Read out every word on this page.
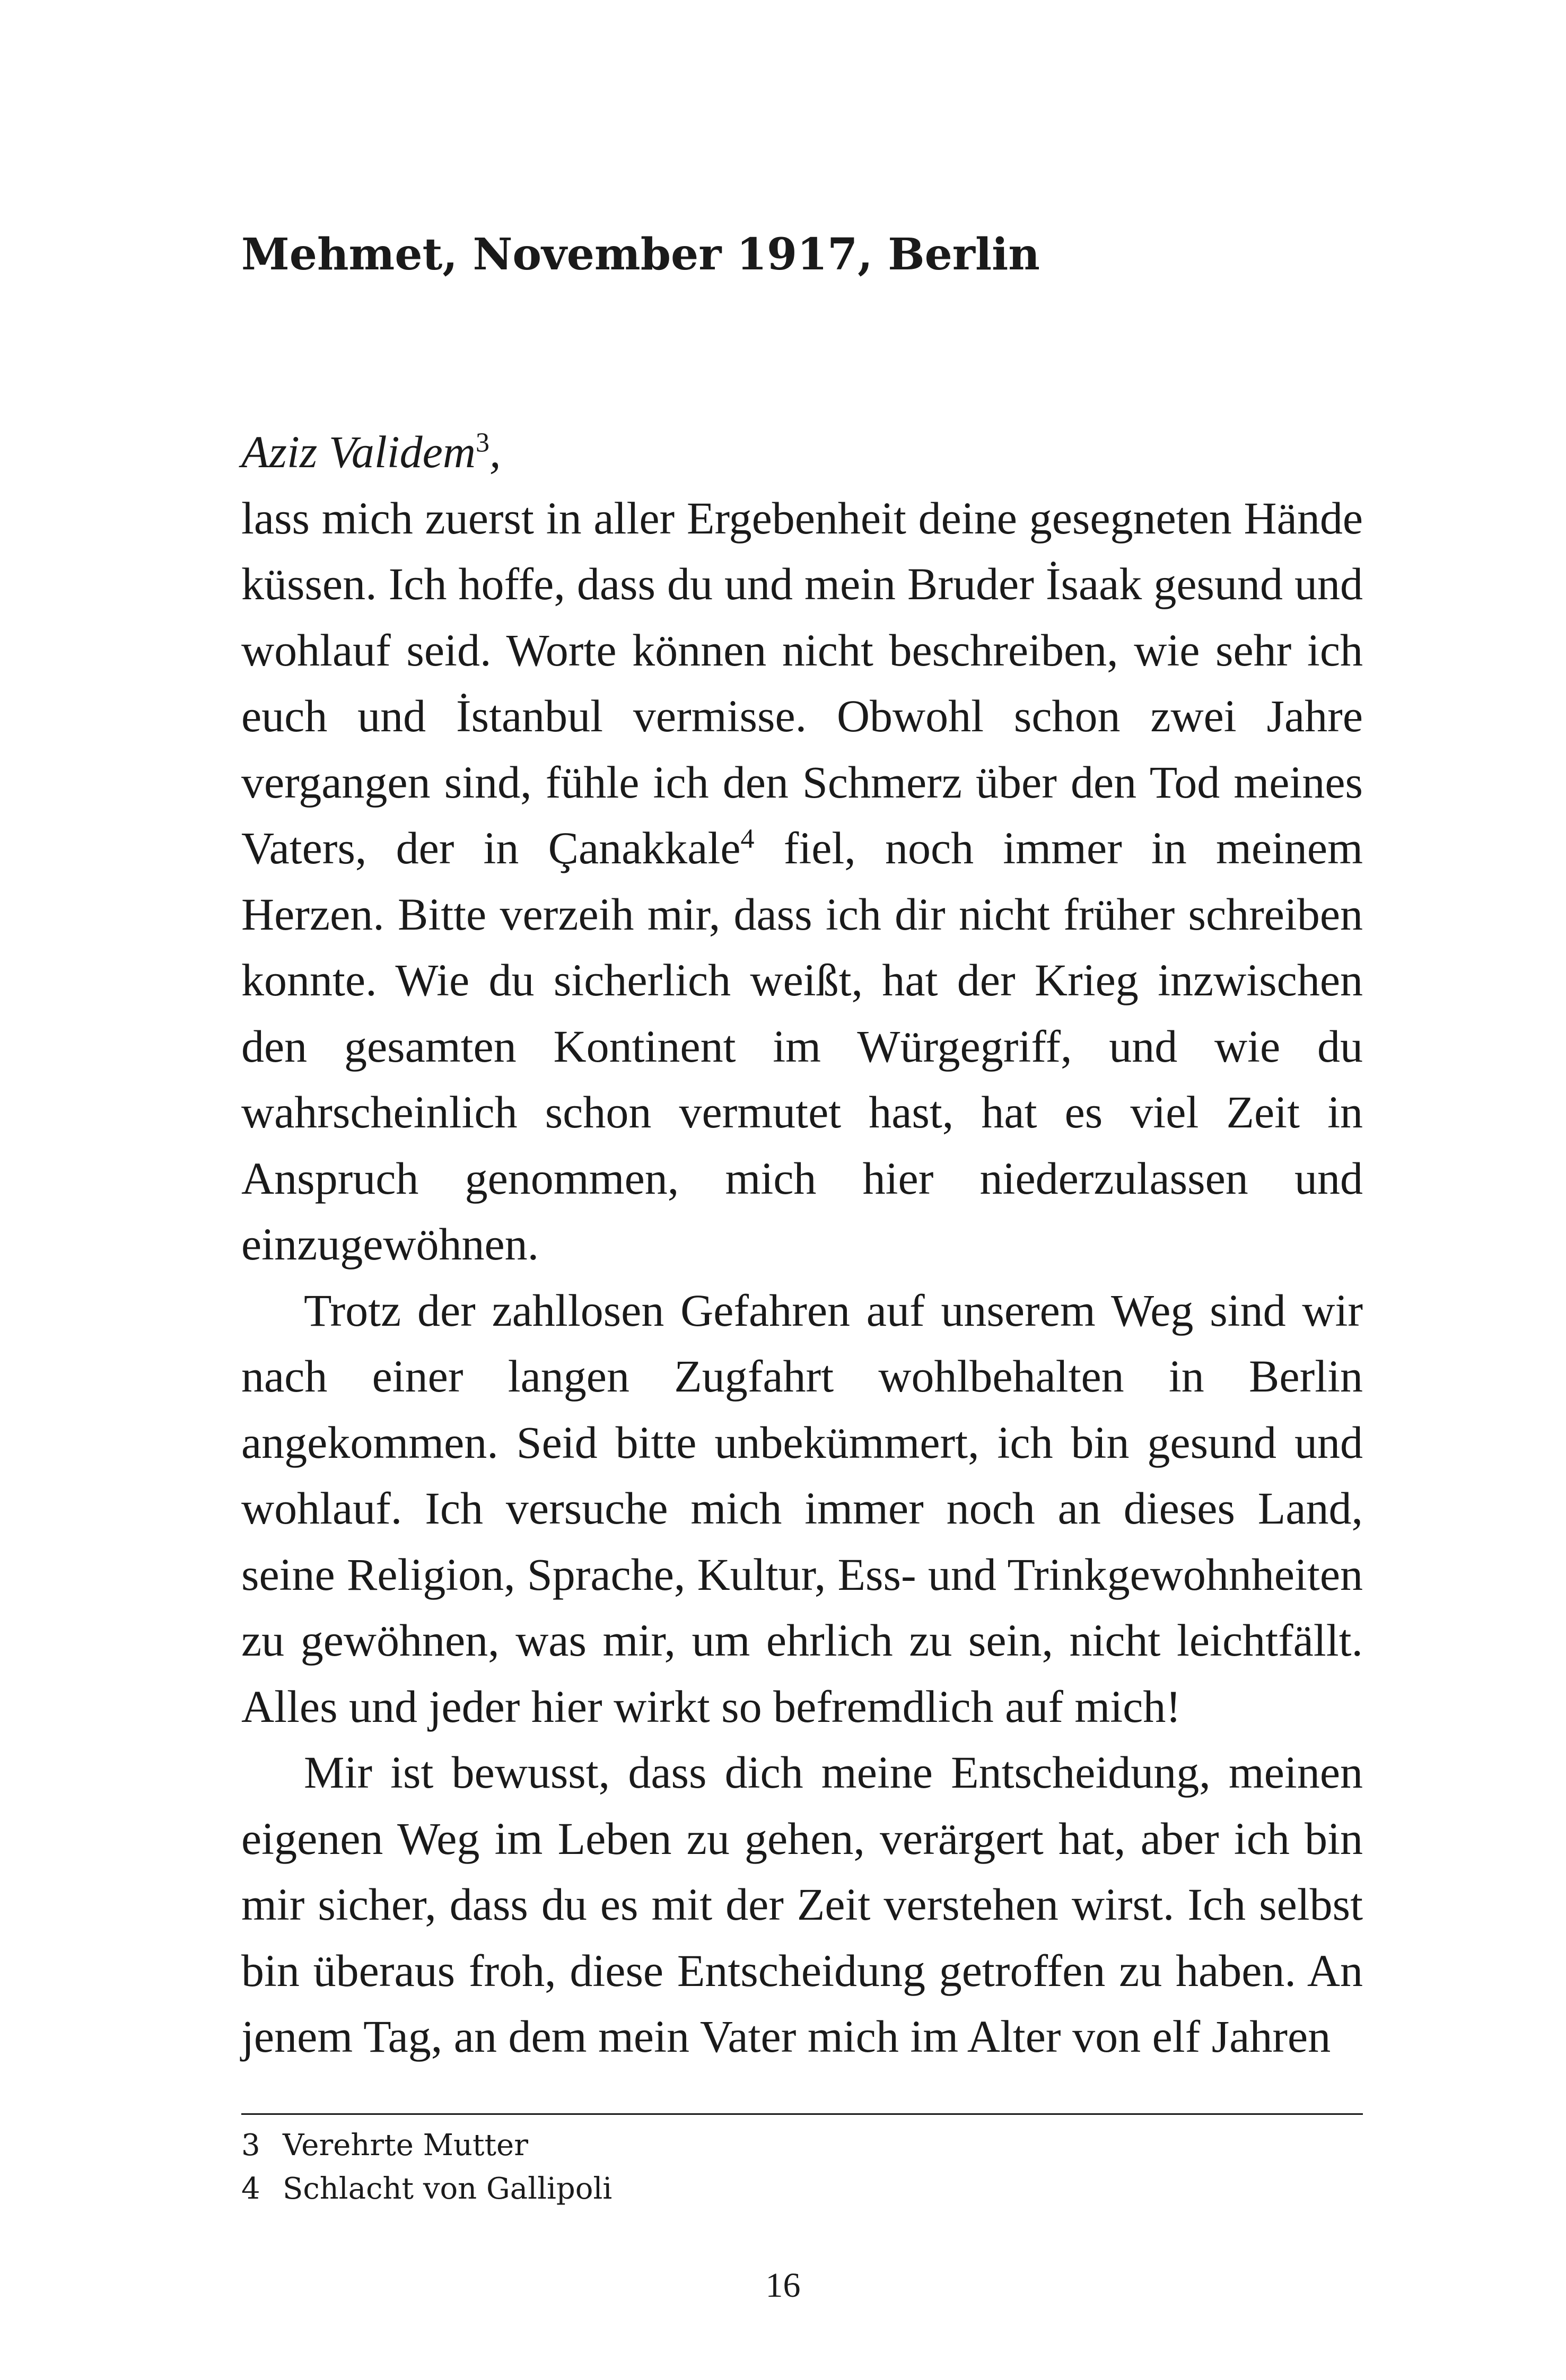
Mehmet, November 1917, Berlin

Aziz Validem$^3$,

lass mich zuerst in aller Ergebenheit deine gesegneten Hände küssen. Ich hoffe, dass du und mein Bruder İsaak gesund und wohlauf seid. Worte können nicht beschreiben, wie sehr ich euch und İstanbul vermisse. Obwohl schon zwei Jahre vergangen sind, fühle ich den Schmerz über den Tod meines Vaters, der in Çanakkale$^4$ fiel, noch immer in meinem Herzen. Bitte verzeih mir, dass ich dir nicht früher schreiben konnte. Wie du sicherlich weißt, hat der Krieg inzwischen den gesamten Kontinent im Würgegriff, und wie du wahrscheinlich schon vermutet hast, hat es viel Zeit in Anspruch genommen, mich hier niederzulassen und einzugewöhnen.

Trotz der zahllosen Gefahren auf unserem Weg sind wir nach einer langen Zugfahrt wohlbehalten in Berlin angekommen. Seid bitte unbekümmert, ich bin gesund und wohlauf. Ich versuche mich immer noch an dieses Land, seine Religion, Sprache, Kultur, Ess- und Trinkgewohnheiten zu gewöhnen, was mir, um ehrlich zu sein, nicht leichtfällt. Alles und jeder hier wirkt so befremdlich auf mich!

Mir ist bewusst, dass dich meine Entscheidung, meinen eigenen Weg im Leben zu gehen, verärgert hat, aber ich bin mir sicher, dass du es mit der Zeit verstehen wirst. Ich selbst bin überaus froh, diese Entscheidung getroffen zu haben. An jenem Tag, an dem mein Vater mich im Alter von elf Jahren

3 Verehrte Mutter

4 Schlacht von Gallipoli

16
